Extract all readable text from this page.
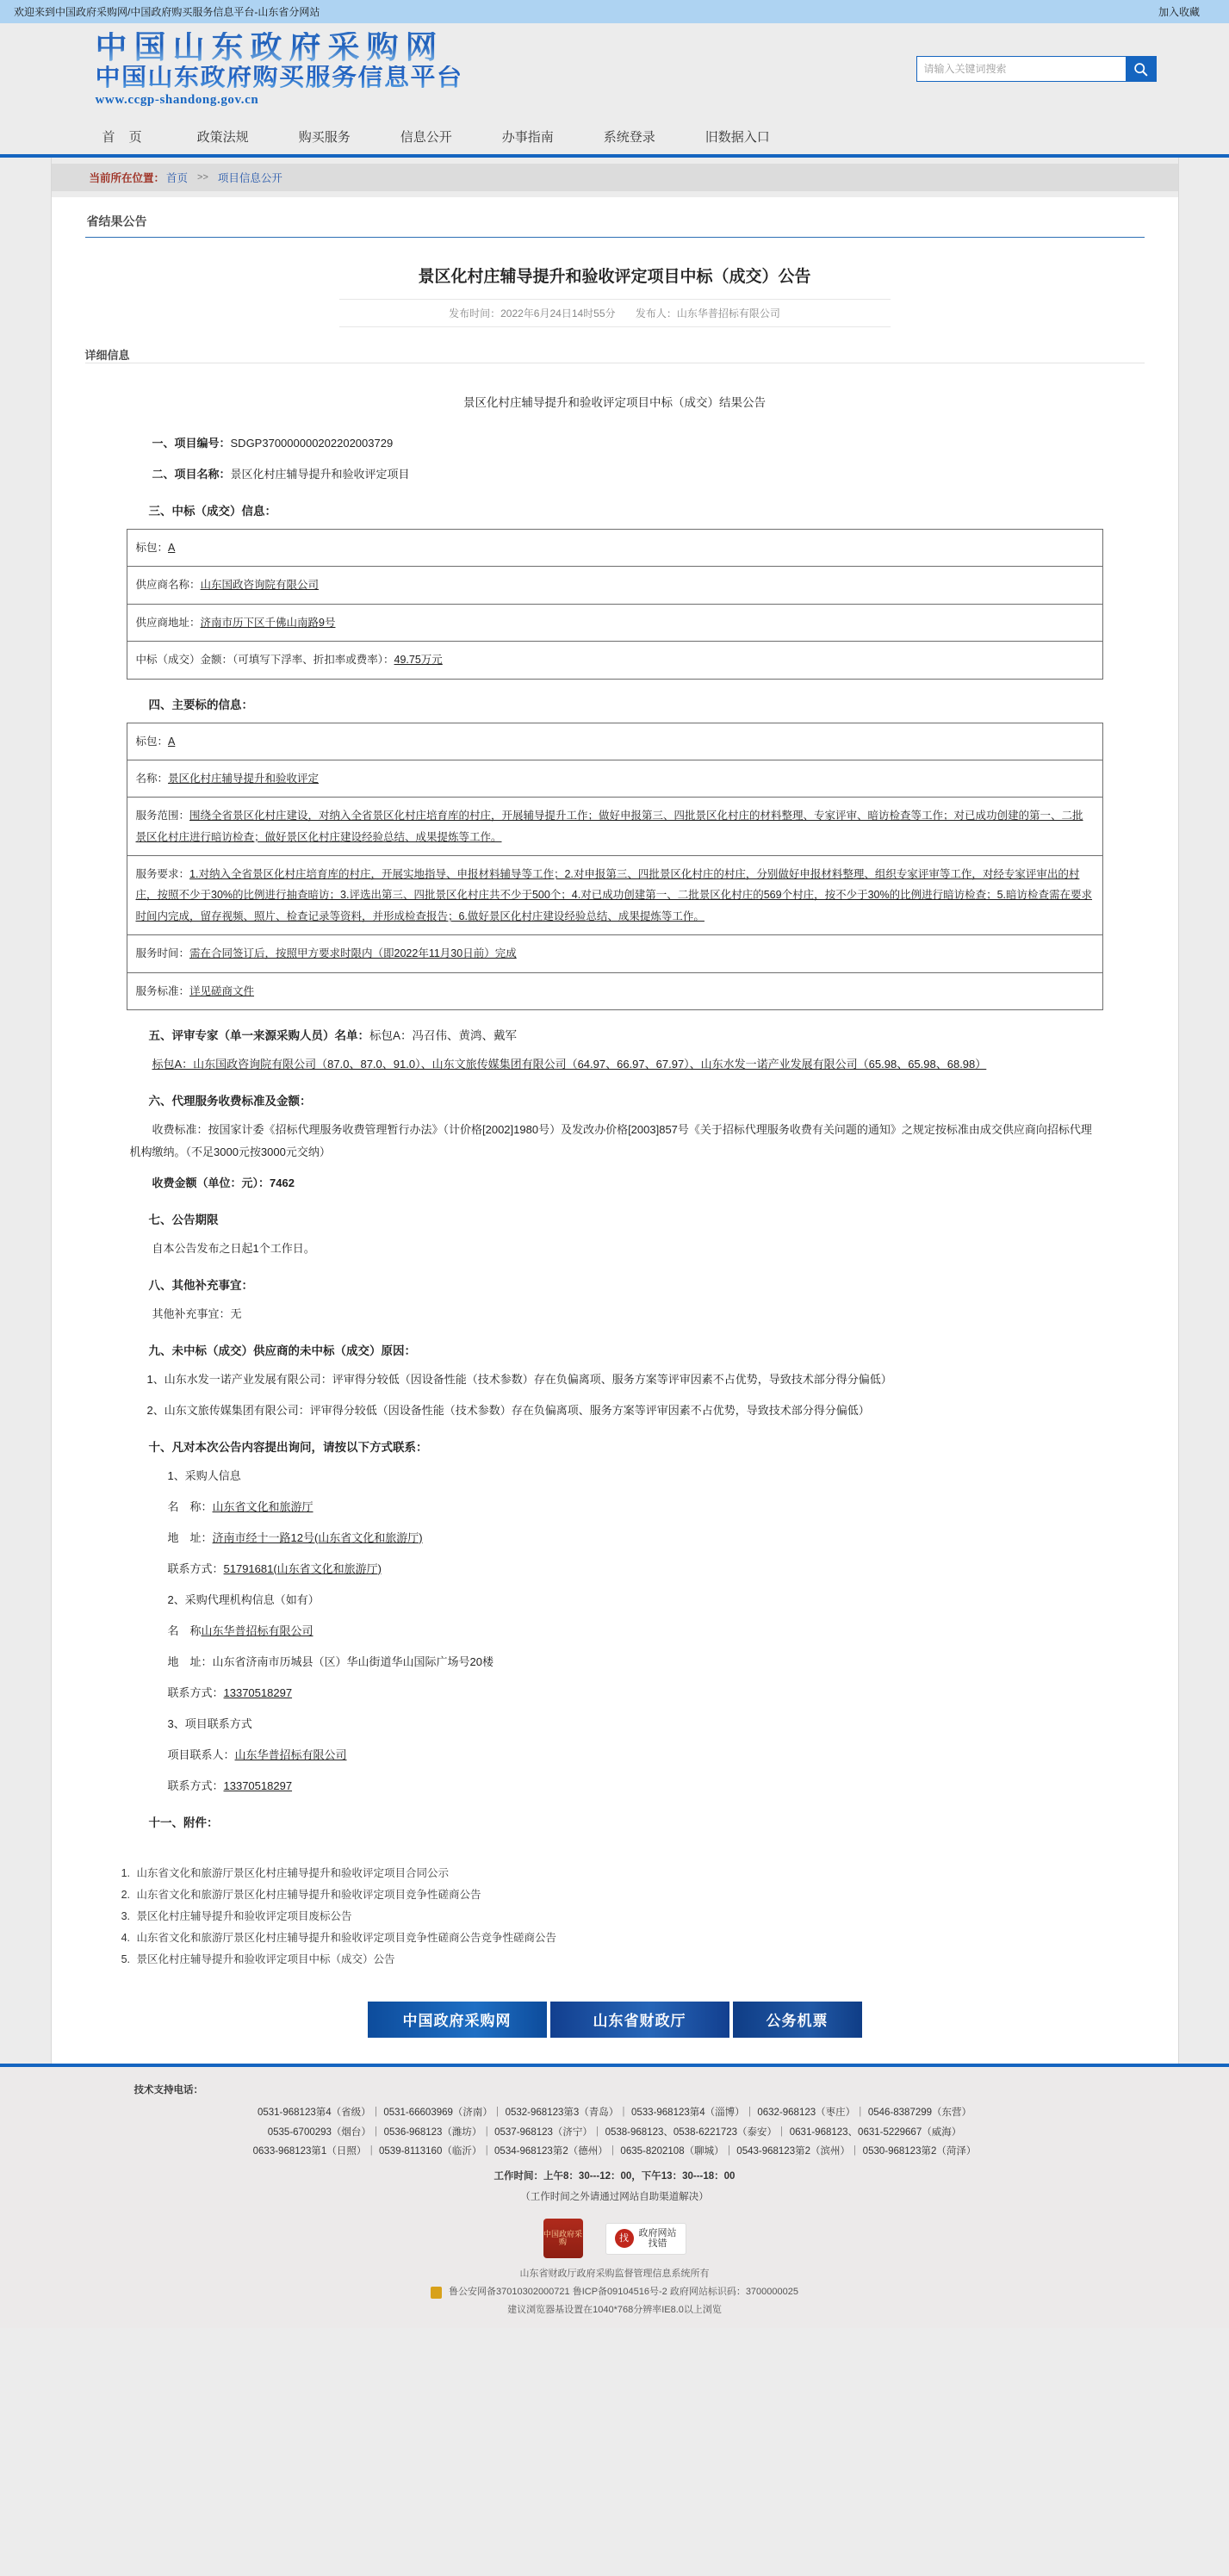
欢迎来到中国政府采购网/中国政府购买服务信息平台-山东省分网站	加入收藏
中国山东政府采购网
中国山东政府购买服务信息平台
www.ccgp-shandong.gov.cn
请输入关键词搜索
首 页	政策法规	购买服务	信息公开	办事指南	系统登录	旧数据入口
当前所在位置： 首页 >> 项目信息公开
省结果公告
景区化村庄辅导提升和验收评定项目中标（成交）公告
发布时间：2022年6月24日14时55分 发布人：山东华普招标有限公司
详细信息
景区化村庄辅导提升和验收评定项目中标（成交）结果公告
一、项目编号：SDGP370000000202202003729
二、项目名称：景区化村庄辅导提升和验收评定项目
三、中标（成交）信息：
标包：A
供应商名称：山东国政咨询院有限公司
供应商地址：济南市历下区千佛山南路9号
中标（成交）金额：（可填写下浮率、折扣率或费率）：49.75万元
四、主要标的信息：
标包：A
名称：景区化村庄辅导提升和验收评定
服务范围：围绕全省景区化村庄建设，对纳入全省景区化村庄培育库的村庄，开展辅导提升工作；做好申报第三、四批景区化村庄的材料整理、专家评审、暗访检查等工作；对已成功创建的第一、二批景区化村庄进行暗访检查；做好景区化村庄建设经验总结、成果提炼等工作。
服务要求：1.对纳入全省景区化村庄培育库的村庄，开展实地指导、申报材料辅导等工作；2.对申报第三、四批景区化村庄的村庄，分别做好申报材料整理、组织专家评审等工作，对经专家评审出的村庄，按照不少于30%的比例进行抽查暗访；3.评选出第三、四批景区化村庄共不少于500个；4.对已成功创建第一、二批景区化村庄的569个村庄，按不少于30%的比例进行暗访检查；5.暗访检查需在要求时间内完成，留存视频、照片、检查记录等资料，并形成检查报告；6.做好景区化村庄建设经验总结、成果提炼等工作。
服务时间：需在合同签订后，按照甲方要求时限内（即2022年11月30日前）完成
服务标准：详见磋商文件
五、评审专家（单一来源采购人员）名单：标包A：冯召伟、黄鸿、戴军
标包A：山东国政咨询院有限公司（87.0、87.0、91.0）、山东文旅传媒集团有限公司（64.97、66.97、67.97）、山东水发一诺产业发展有限公司（65.98、65.98、68.98）
六、代理服务收费标准及金额：
收费标准：按国家计委《招标代理服务收费管理暂行办法》（计价格[2002]1980号）及发改办价格[2003]857号《关于招标代理服务收费有关问题的通知》之规定按标准由成交供应商向招标代理机构缴纳。（不足3000元按3000元交纳）
收费金额（单位：元）：7462
七、公告期限
自本公告发布之日起1个工作日。
八、其他补充事宜：
其他补充事宜：无
九、未中标（成交）供应商的未中标（成交）原因：
1、山东水发一诺产业发展有限公司：评审得分较低（因设备性能（技术参数）存在负偏离项、服务方案等评审因素不占优势，导致技术部分得分偏低）
2、山东文旅传媒集团有限公司：评审得分较低（因设备性能（技术参数）存在负偏离项、服务方案等评审因素不占优势，导致技术部分得分偏低）
十、凡对本次公告内容提出询问，请按以下方式联系：
1、采购人信息
名　称：山东省文化和旅游厅
地　址：济南市经十一路12号(山东省文化和旅游厅)
联系方式：51791681(山东省文化和旅游厅)
2、采购代理机构信息（如有）
名　称山东华普招标有限公司
地　址：山东省济南市历城县（区）华山街道华山国际广场号20楼
联系方式：13370518297
3、项目联系方式
项目联系人：山东华普招标有限公司
联系方式：13370518297
十一、附件：
1. 山东省文化和旅游厅景区化村庄辅导提升和验收评定项目合同公示
2. 山东省文化和旅游厅景区化村庄辅导提升和验收评定项目竞争性磋商公告
3. 景区化村庄辅导提升和验收评定项目废标公告
4. 山东省文化和旅游厅景区化村庄辅导提升和验收评定项目竞争性磋商公告竞争性磋商公告
5. 景区化村庄辅导提升和验收评定项目中标（成交）公告
中国政府采购网	山东省财政厅	公务机票
技术支持电话：
0531-968123第4（省级）｜ 0531-66603969（济南）｜ 0532-968123第3（青岛）｜ 0533-968123第4（淄博）｜ 0632-968123（枣庄）｜ 0546-8387299（东营）
0535-6700293（烟台）｜ 0536-968123（潍坊）｜ 0537-968123（济宁）｜ 0538-968123、0538-6221723（泰安）｜ 0631-968123、0631-5229667（威海）
0633-968123第1（日照）｜ 0539-8113160（临沂）｜ 0534-968123第2（德州）｜ 0635-8202108（聊城）｜ 0543-968123第2（滨州）｜ 0530-968123第2（菏泽）
工作时间：上午8：30---12：00，下午13：30---18：00
（工作时间之外请通过网站自助渠道解决）
中国政府采购	找	政府网站
找错
山东省财政厅政府采购监督管理信息系统所有
鲁公安网备37010302000721 鲁ICP备09104516号-2 政府网站标识码：3700000025
建议浏览器基设置在1040*768分辨率IE8.0以上浏览
